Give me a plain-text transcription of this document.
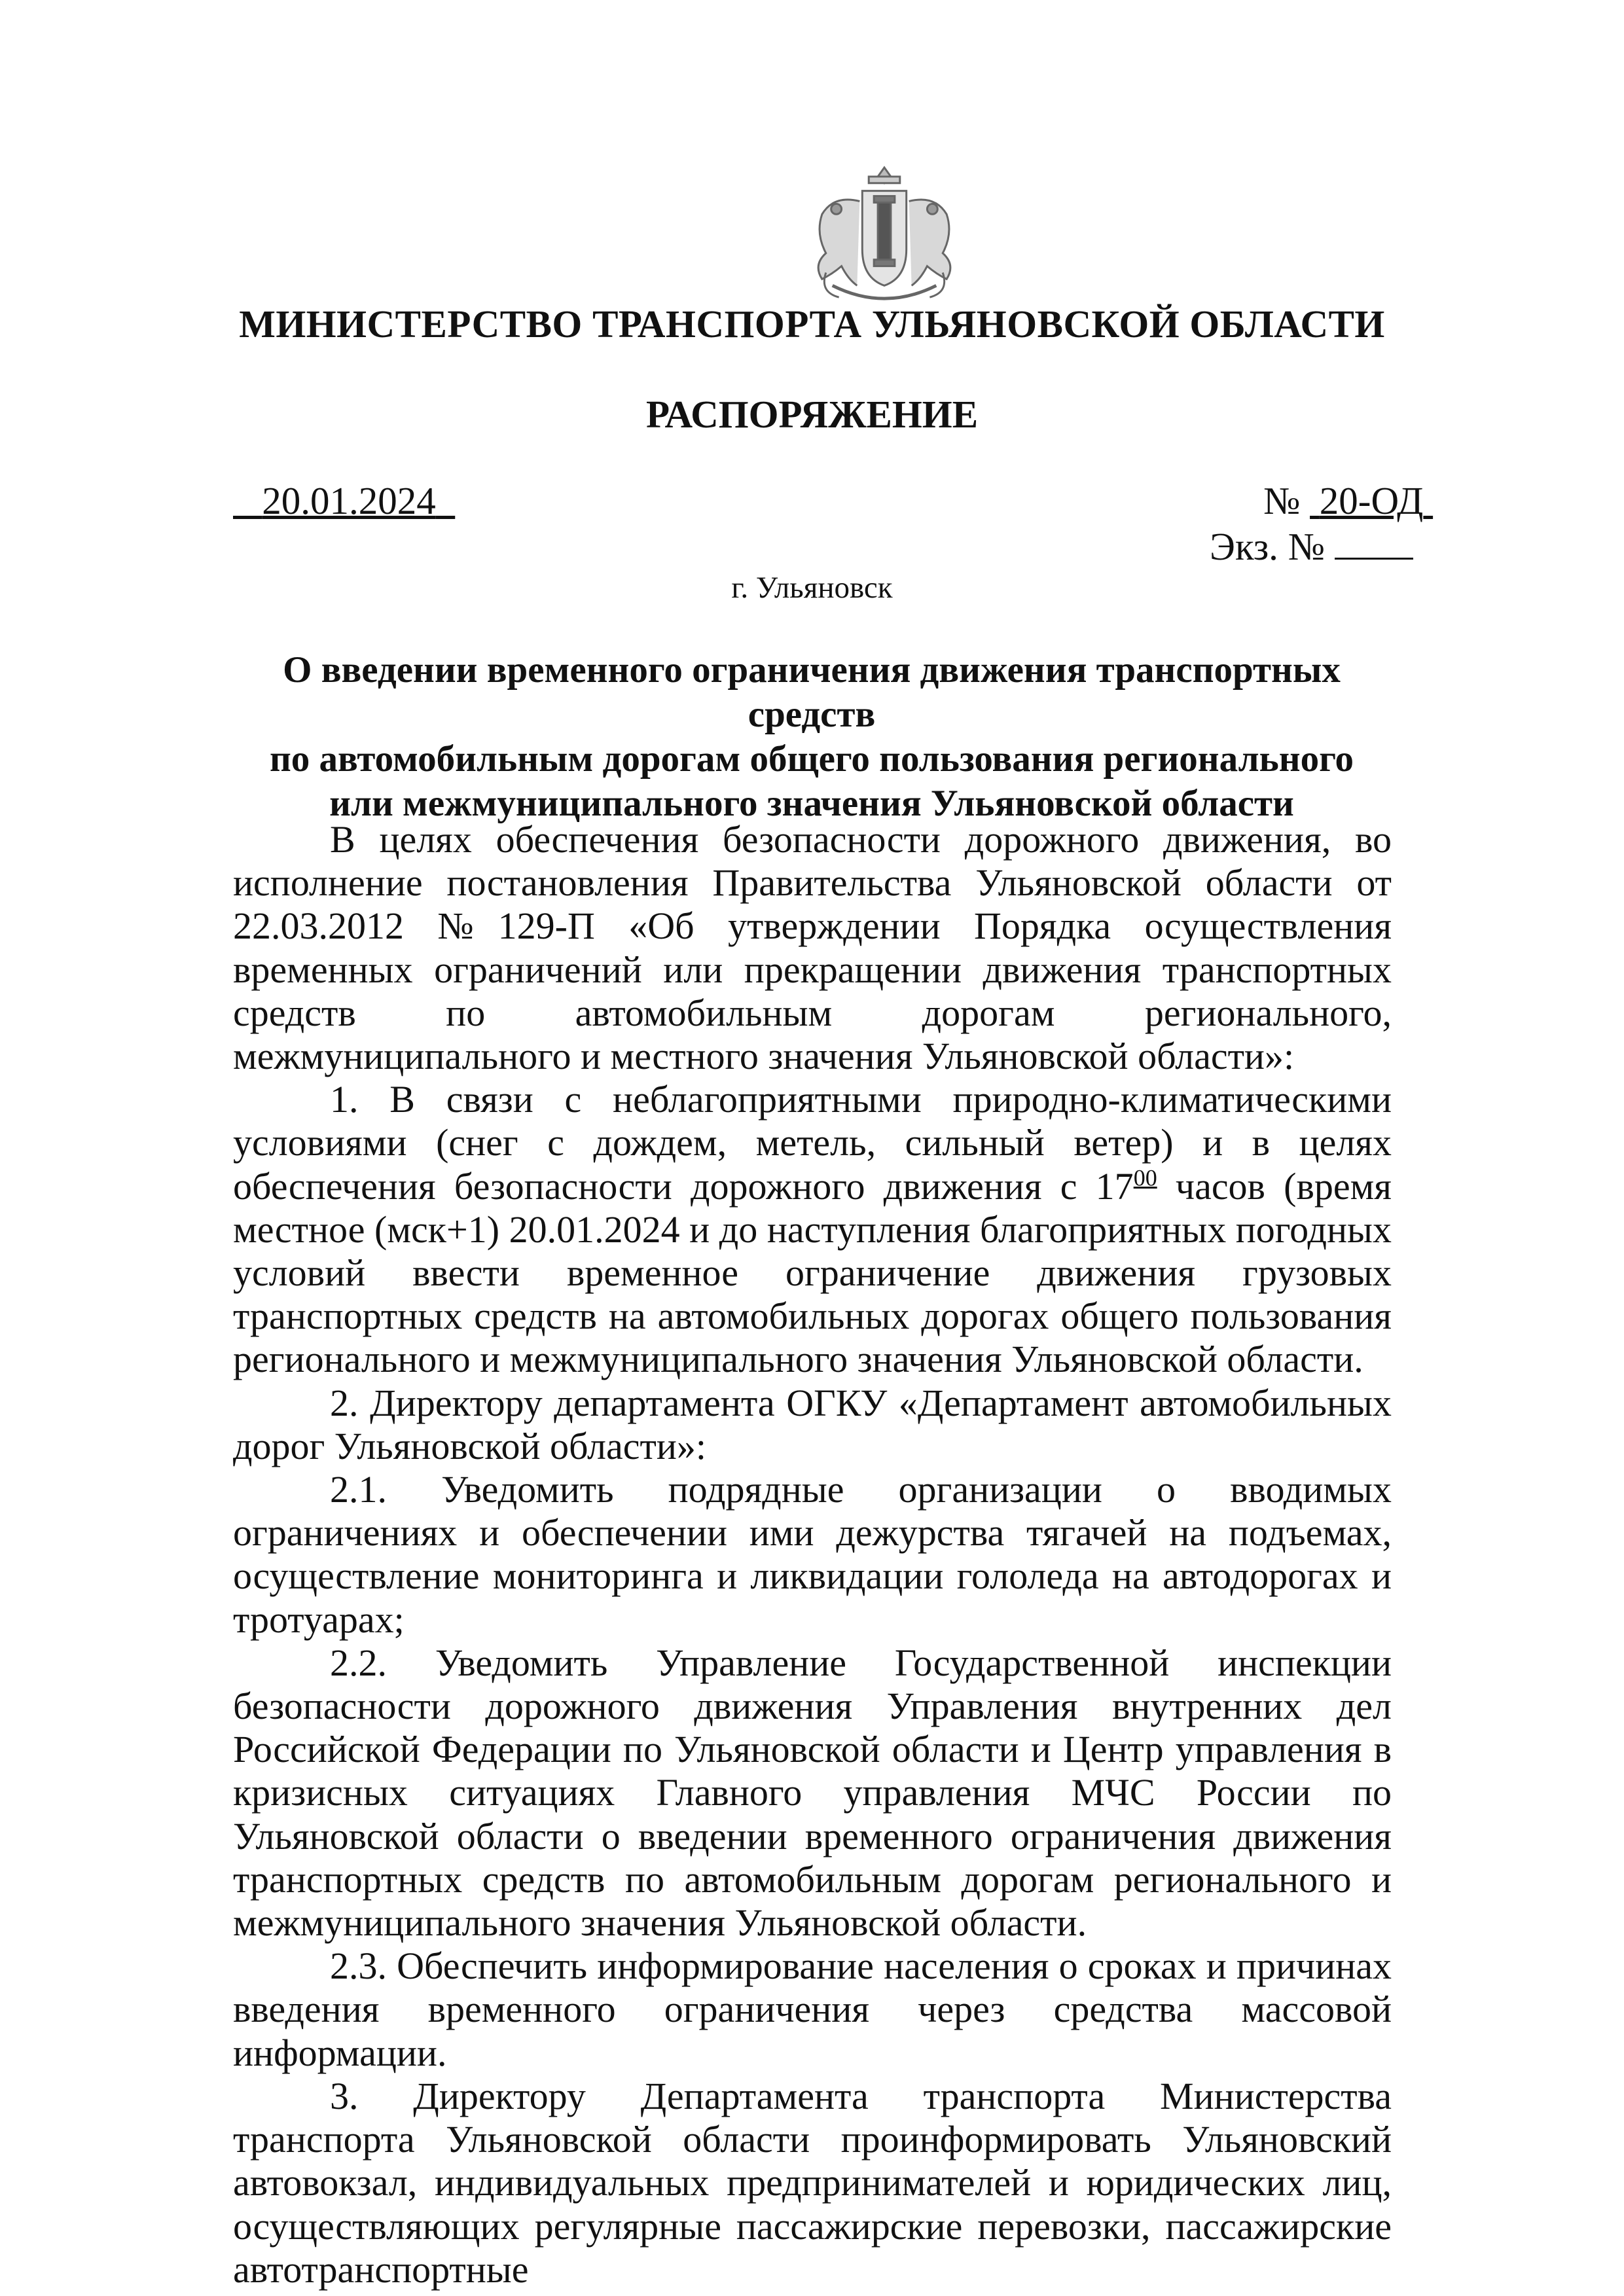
МИНИСТЕРСТВО ТРАНСПОРТА УЛЬЯНОВСКОЙ ОБЛАСТИ
РАСПОРЯЖЕНИЕ
20.01.2024	№  20-ОД
Экз. №
г. Ульяновск
О введении временного ограничения движения транспортных средств
по автомобильным дорогам общего пользования регионального
или межмуниципального значения Ульяновской области

В целях обеспечения безопасности дорожного движения, во исполнение постановления Правительства Ульяновской области от 22.03.2012 №129-П «Об утверждении Порядка осуществления временных ограничений или прекращении движения транспортных средств по автомобильным дорогам регионального, межмуниципального и местного значения Ульяновской области»:

1. В связи с неблагоприятными природно-климатическими условиями (снег с дождем, метель, сильный ветер) и в целях обеспечения безопасности дорожного движения с $17^{00}$ часов (время местное (мск+1) 20.01.2024 и до наступления благоприятных погодных условий ввести временное ограничение движения грузовых транспортных средств на автомобильных дорогах общего пользования регионального и межмуниципального значения Ульяновской области.

2. Директору департамента ОГКУ «Департамент автомобильных дорог Ульяновской области»:

2.1. Уведомить подрядные организации о вводимых ограничениях и обеспечении ими дежурства тягачей на подъемах, осуществление мониторинга и ликвидации гололеда на автодорогах и тротуарах;

2.2. Уведомить Управление Государственной инспекции безопасности дорожного движения Управления внутренних дел Российской Федерации по Ульяновской области и Центр управления в кризисных ситуациях Главного управления МЧС России по Ульяновской области о введении временного ограничения движения транспортных средств по автомобильным дорогам регионального и межмуниципального значения Ульяновской области.

2.3. Обеспечить информирование населения о сроках и причинах введения временного ограничения через средства массовой информации.

3. Директору Департамента транспорта Министерства транспорта Ульяновской области проинформировать Ульяновский автовокзал, индивидуальных предпринимателей и юридических лиц, осуществляющих регулярные пассажирские перевозки, пассажирские автотранспортные
